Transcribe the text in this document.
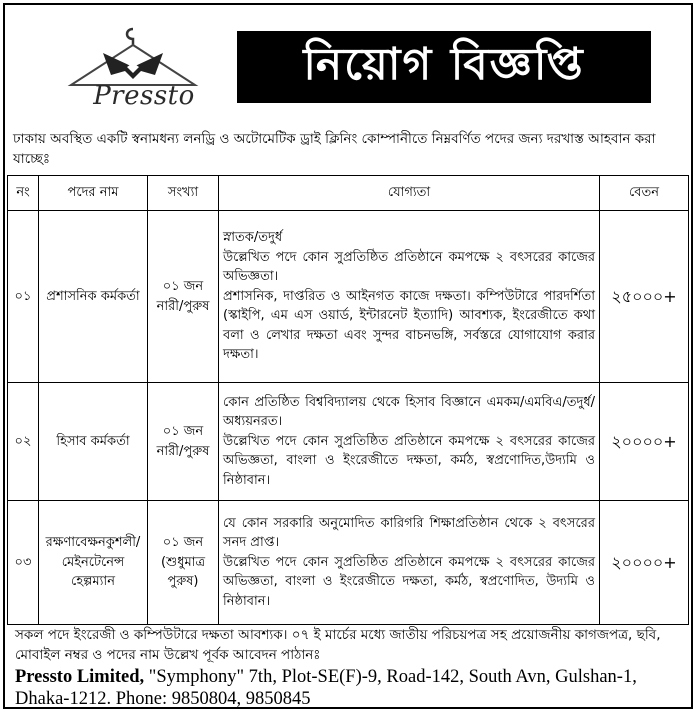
Pressto
নিয়োগ বিজ্ঞপ্তি
ঢাকায় অবস্থিত একটি স্বনামধন্য লনড্রি ও অটোমেটিক ড্রাই ক্লিনিং কোম্পানীতে নিম্নবর্ণিত পদের জন্য দরখাস্ত আহবান করা যাচ্ছেঃ
নং	পদের নাম	সংখ্যা	যোগ্যতা	বেতন
০১	প্রশাসনিক কর্মকর্তা	০১ জন নারী/পুরুষ	স্নাতক/তদুর্ধ
উল্লেখিত পদে কোন সুপ্রতিষ্ঠিত প্রতিষ্ঠানে কমপক্ষে ২ বৎসরের কাজের অভিজ্ঞতা।
প্রশাসনিক, দাপ্তরিত ও আইনগত কাজে দক্ষতা। কম্পিউটারে পারদর্শিতা (স্কাইপি, এম এস ওয়ার্ড, ইন্টারনেট ইত্যাদি) আবশ্যক, ইংরেজীতে কথা বলা ও লেখার দক্ষতা এবং সুন্দর বাচনভঙ্গি, সর্বস্তরে যোগাযোগ করার দক্ষতা।	২৫০০০+
০২	হিসাব কর্মকর্তা	০১ জন নারী/পুরুষ	কোন প্রতিষ্ঠিত বিশ্ববিদ্যালয় থেকে হিসাব বিজ্ঞানে এমকম/এমবিএ/তদুর্ধ/ অধ্যয়নরত।
উল্লেখিত পদে কোন সুপ্রতিষ্ঠিত প্রতিষ্ঠানে কমপক্ষে ২ বৎসরের কাজের অভিজ্ঞতা, বাংলা ও ইংরেজীতে দক্ষতা, কর্মঠ, স্বপ্রণোদিত,উদ্যমি ও নিষ্ঠাবান।	২০০০০+
০৩	রক্ষণাবেক্ষনকুশলী/ মেইনটেনেন্স হেল্পম্যান	০১ জন (শুধুমাত্র পুরুষ)	যে কোন সরকারি অনুমোদিত কারিগরি শিক্ষাপ্রতিষ্ঠান থেকে ২ বৎসরের সনদ প্রাপ্ত।
উল্লেখিত পদে কোন সুপ্রতিষ্ঠিত প্রতিষ্ঠানে কমপক্ষে ২ বৎসরের কাজের অভিজ্ঞতা, বাংলা ও ইংরেজীতে দক্ষতা, কর্মঠ, স্বপ্রণোদিত, উদ্যমি ও নিষ্ঠাবান।	২০০০০+
সকল পদে ইংরেজী ও কম্পিউটারে দক্ষতা আবশ্যক। ০৭ ই মার্চের মধ্যে জাতীয় পরিচয়পত্র সহ প্রয়োজনীয় কাগজপত্র, ছবি, মোবাইল নম্বর ও পদের নাম উল্লেখ পূর্বক আবেদন পাঠানঃ
Pressto Limited, "Symphony" 7th, Plot-SE(F)-9, Road-142, South Avn, Gulshan-1, Dhaka-1212. Phone: 9850804, 9850845
